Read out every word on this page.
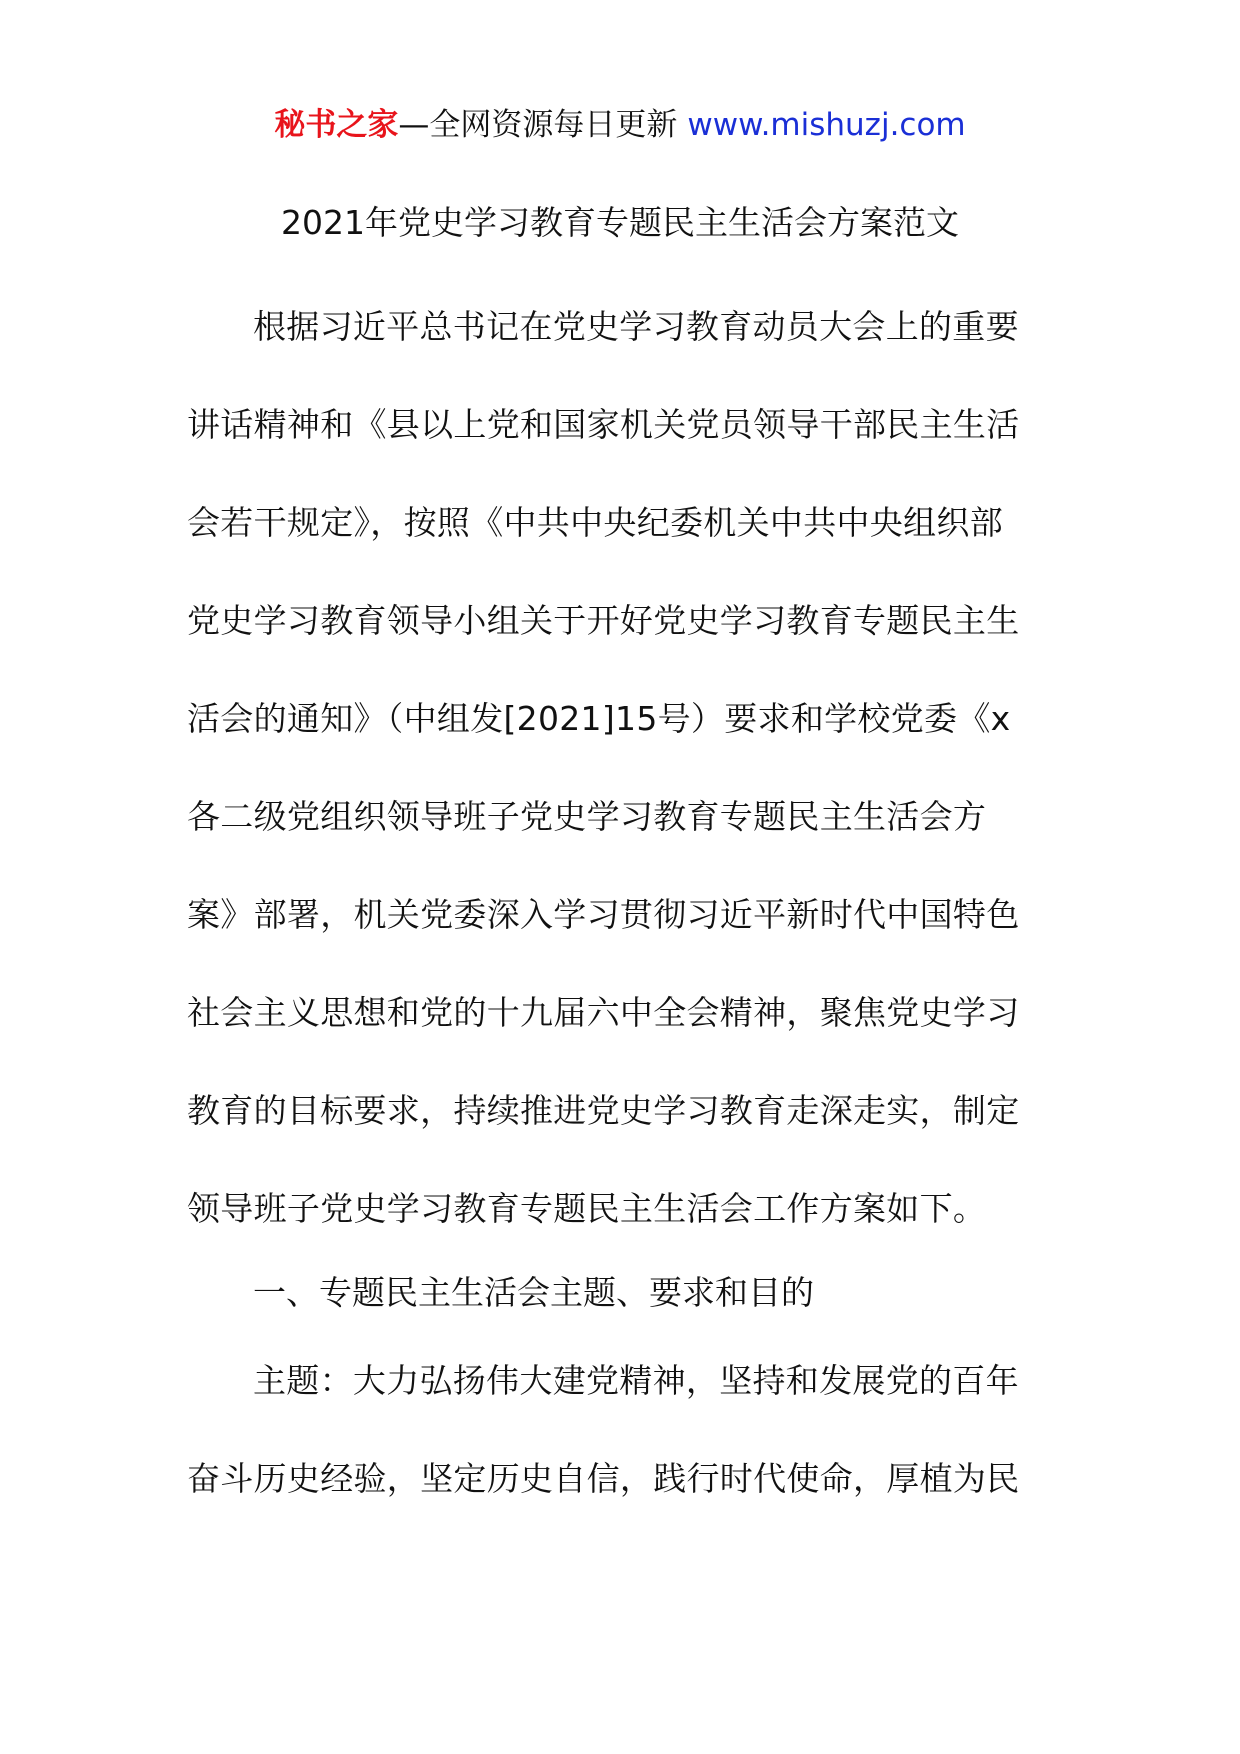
秘书之家—全网资源每日更新 www.mishuzj.com
2021年党史学习教育专题民主生活会方案范文
根据习近平总书记在党史学习教育动员大会上的重要
讲话精神和《县以上党和国家机关党员领导干部民主生活
会若干规定》，按照《中共中央纪委机关中共中央组织部
党史学习教育领导小组关于开好党史学习教育专题民主生
活会的通知》（中组发[2021]15号）要求和学校党委《x
各二级党组织领导班子党史学习教育专题民主生活会方
案》部署，机关党委深入学习贯彻习近平新时代中国特色
社会主义思想和党的十九届六中全会精神，聚焦党史学习
教育的目标要求，持续推进党史学习教育走深走实，制定
领导班子党史学习教育专题民主生活会工作方案如下。
一、专题民主生活会主题、要求和目的
主题：大力弘扬伟大建党精神，坚持和发展党的百年
奋斗历史经验，坚定历史自信，践行时代使命，厚植为民
